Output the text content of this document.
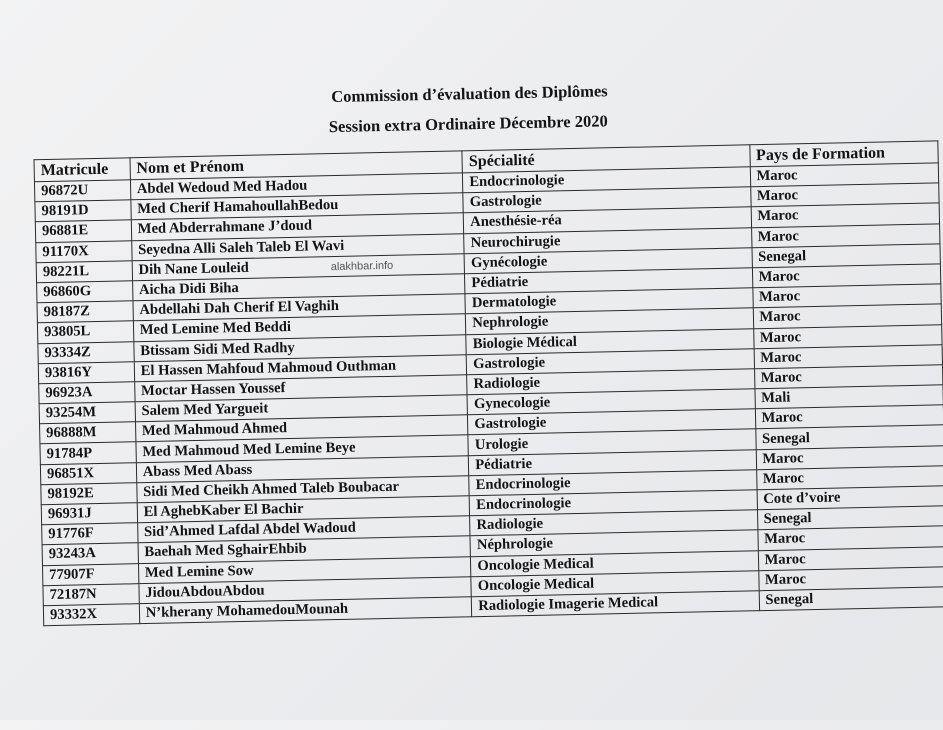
Commission d’évaluation des Diplômes
Session extra Ordinaire Décembre 2020
Matricule	Nom et Prénom	Spécialité	Pays de Formation
96872U	Abdel Wedoud Med Hadou	Endocrinologie	Maroc
98191D	Med Cherif HamahoullahBedou	Gastrologie	Maroc
96881E	Med Abderrahmane J’doud	Anesthésie-réa	Maroc
91170X	Seyedna Alli Saleh Taleb El Wavi	Neurochirugie	Maroc
98221L	Dih Nane Louleid	Gynécologie	Senegal
96860G	Aicha Didi Biha	Pédiatrie	Maroc
98187Z	Abdellahi Dah Cherif El Vaghih	Dermatologie	Maroc
93805L	Med Lemine Med Beddi	Nephrologie	Maroc
93334Z	Btissam Sidi Med Radhy	Biologie Médical	Maroc
93816Y	El Hassen Mahfoud Mahmoud Outhman	Gastrologie	Maroc
96923A	Moctar Hassen Youssef	Radiologie	Maroc
93254M	Salem Med Yargueit	Gynecologie	Mali
96888M	Med Mahmoud Ahmed	Gastrologie	Maroc
91784P	Med Mahmoud Med Lemine Beye	Urologie	Senegal
96851X	Abass Med Abass	Pédiatrie	Maroc
98192E	Sidi Med Cheikh Ahmed Taleb Boubacar	Endocrinologie	Maroc
96931J	El AghebKaber El Bachir	Endocrinologie	Cote d’voire
91776F	Sid’Ahmed Lafdal Abdel Wadoud	Radiologie	Senegal
93243A	Baehah Med SghairEhbib	Néphrologie	Maroc
77907F	Med Lemine Sow	Oncologie Medical	Maroc
72187N	JidouAbdouAbdou	Oncologie Medical	Maroc
93332X	N’kherany MohamedouMounah	Radiologie Imagerie Medical	Senegal
alakhbar.info
